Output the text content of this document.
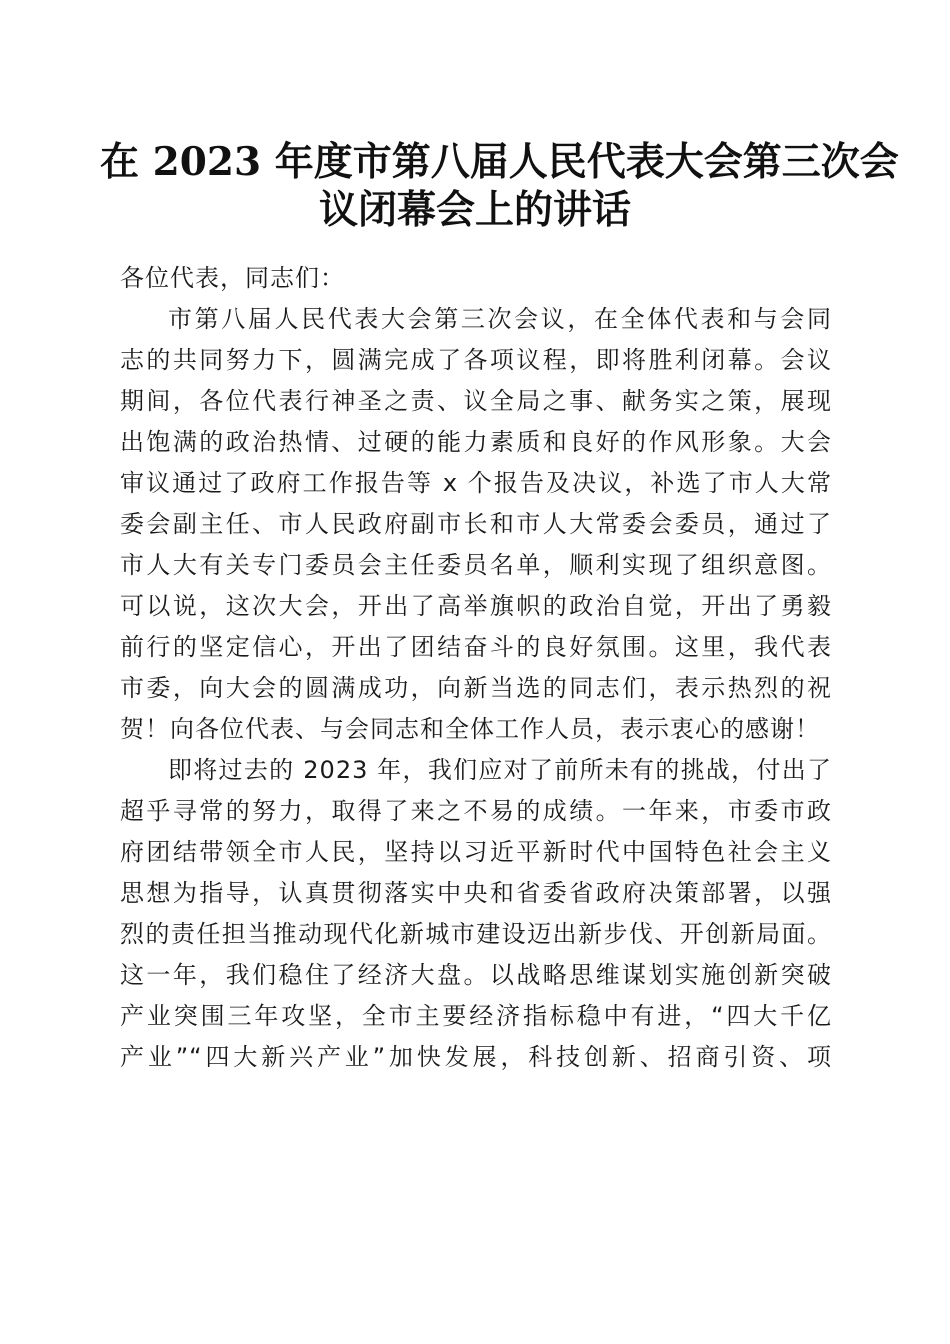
在 2023 年度市第八届人民代表大会第三次会
议闭幕会上的讲话
各位代表，同志们：
市第八届人民代表大会第三次会议，在全体代表和与会同
志的共同努力下，圆满完成了各项议程，即将胜利闭幕。会议
期间，各位代表行神圣之责、议全局之事、献务实之策，展现
出饱满的政治热情、过硬的能力素质和良好的作风形象。大会
审议通过了政府工作报告等 x 个报告及决议，补选了市人大常
委会副主任、市人民政府副市长和市人大常委会委员，通过了
市人大有关专门委员会主任委员名单，顺利实现了组织意图。
可以说，这次大会，开出了高举旗帜的政治自觉，开出了勇毅
前行的坚定信心，开出了团结奋斗的良好氛围。这里，我代表
市委，向大会的圆满成功，向新当选的同志们，表示热烈的祝
贺！向各位代表、与会同志和全体工作人员，表示衷心的感谢！
即将过去的 2023 年，我们应对了前所未有的挑战，付出了
超乎寻常的努力，取得了来之不易的成绩。一年来，市委市政
府团结带领全市人民，坚持以习近平新时代中国特色社会主义
思想为指导，认真贯彻落实中央和省委省政府决策部署，以强
烈的责任担当推动现代化新城市建设迈出新步伐、开创新局面。
这一年，我们稳住了经济大盘。以战略思维谋划实施创新突破
产业突围三年攻坚，全市主要经济指标稳中有进，“四大千亿
产业”“四大新兴产业”加快发展，科技创新、招商引资、项
